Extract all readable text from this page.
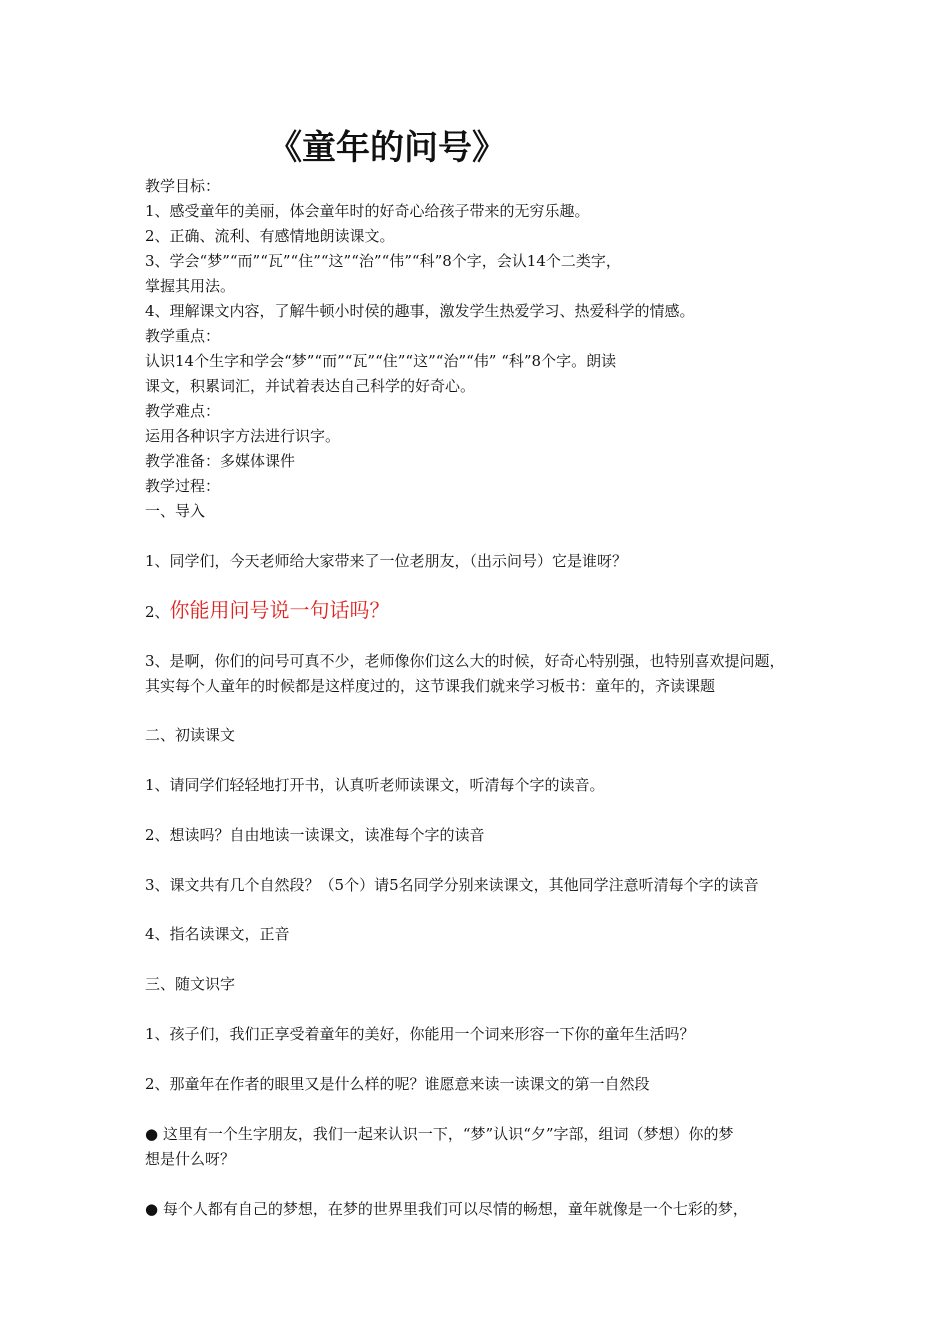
《童年的问号》
教学目标：
1、感受童年的美丽，体会童年时的好奇心给孩子带来的无穷乐趣。
2、正确、流利、有感情地朗读课文。
3、学会“梦”“而”“瓦”“住”“这”“治”“伟”“科”8个字，会认14个二类字，
掌握其用法。
4、理解课文内容，了解牛顿小时侯的趣事，激发学生热爱学习、热爱科学的情感。
教学重点：
认识14个生字和学会“梦”“而”“瓦”“住”“这”“治”“伟” “科”8个字。朗读
课文，积累词汇，并试着表达自己科学的好奇心。
教学难点：
运用各种识字方法进行识字。
教学准备：多媒体课件
教学过程：
一、导入
1、同学们，今天老师给大家带来了一位老朋友，（出示问号）它是谁呀？
2、你能用问号说一句话吗？
3、是啊，你们的问号可真不少，老师像你们这么大的时候，好奇心特别强，也特别喜欢提问题，
其实每个人童年的时候都是这样度过的，这节课我们就来学习板书：童年的，齐读课题
二、初读课文
1、请同学们轻轻地打开书，认真听老师读课文，听清每个字的读音。
2、想读吗？自由地读一读课文，读准每个字的读音
3、课文共有几个自然段？（5个）请5名同学分别来读课文，其他同学注意听清每个字的读音
4、指名读课文，正音
三、随文识字
1、孩子们，我们正享受着童年的美好，你能用一个词来形容一下你的童年生活吗？
2、那童年在作者的眼里又是什么样的呢？谁愿意来读一读课文的第一自然段
● 这里有一个生字朋友，我们一起来认识一下，“梦”认识“夕”字部，组词（梦想）你的梦
想是什么呀？
● 每个人都有自己的梦想，在梦的世界里我们可以尽情的畅想，童年就像是一个七彩的梦，
